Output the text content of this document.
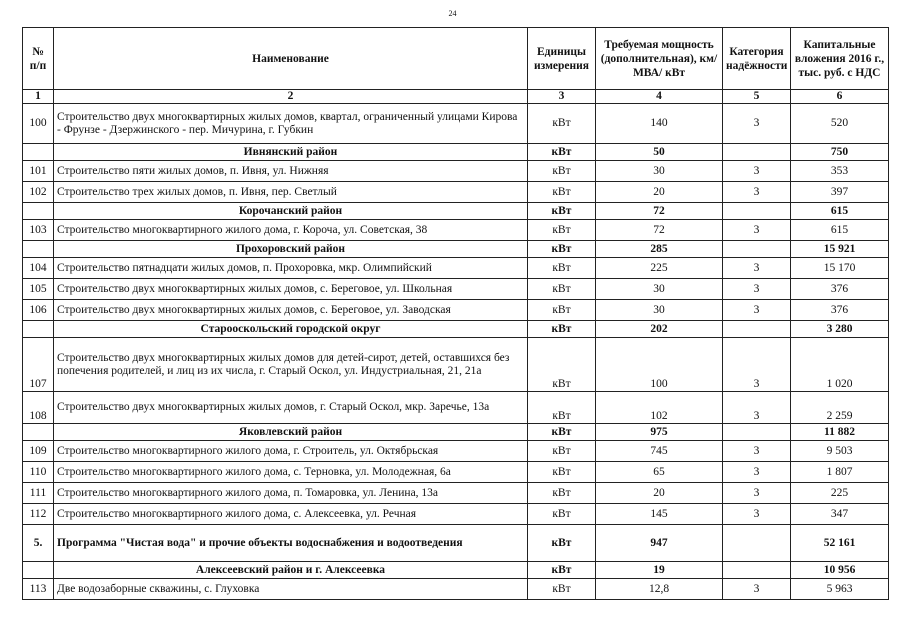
24
№ п/п	Наименование	Единицы измерения	Требуемая мощность (дополнительная), км/ МВА/ кВт	Категория надёжности	Капитальные вложения 2016 г., тыс. руб. с НДС
1	2	3	4	5	6
100	Строительство двух многоквартирных жилых домов, квартал, ограниченный улицами Кирова - Фрунзе - Дзержинского - пер. Мичурина, г. Губкин	кВт	140	3	520
	Ивнянский район	кВт	50		750
101	Строительство пяти жилых домов, п. Ивня, ул. Нижняя	кВт	30	3	353
102	Строительство трех жилых домов, п. Ивня, пер. Светлый	кВт	20	3	397
	Корочанский район	кВт	72		615
103	Строительство многоквартирного жилого дома, г. Короча, ул. Советская, 38	кВт	72	3	615
	Прохоровский район	кВт	285		15 921
104	Строительство пятнадцати жилых домов, п. Прохоровка, мкр. Олимпийский	кВт	225	3	15 170
105	Строительство двух многоквартирных жилых домов, с. Береговое, ул. Школьная	кВт	30	3	376
106	Строительство двух многоквартирных жилых домов, с. Береговое, ул. Заводская	кВт	30	3	376
	Старооскольский городской округ	кВт	202		3 280
107	Строительство двух многоквартирных жилых домов для детей-сирот, детей, оставшихся без попечения родителей, и лиц из их числа, г. Старый Оскол, ул. Индустриальная, 21, 21а	кВт	100	3	1 020
108	Строительство двух многоквартирных жилых домов, г. Старый Оскол, мкр. Заречье, 13а	кВт	102	3	2 259
	Яковлевский район	кВт	975		11 882
109	Строительство многоквартирного жилого дома, г. Строитель, ул. Октябрьская	кВт	745	3	9 503
110	Строительство многоквартирного жилого дома, с. Терновка, ул. Молодежная, 6а	кВт	65	3	1 807
111	Строительство многоквартирного жилого дома, п. Томаровка, ул. Ленина, 13а	кВт	20	3	225
112	Строительство многоквартирного жилого дома, с. Алексеевка, ул. Речная	кВт	145	3	347
5.	Программа "Чистая вода" и прочие объекты водоснабжения и водоотведения	кВт	947		52 161
	Алексеевский район и г. Алексеевка	кВт	19		10 956
113	Две водозаборные скважины, с. Глуховка	кВт	12,8	3	5 963
